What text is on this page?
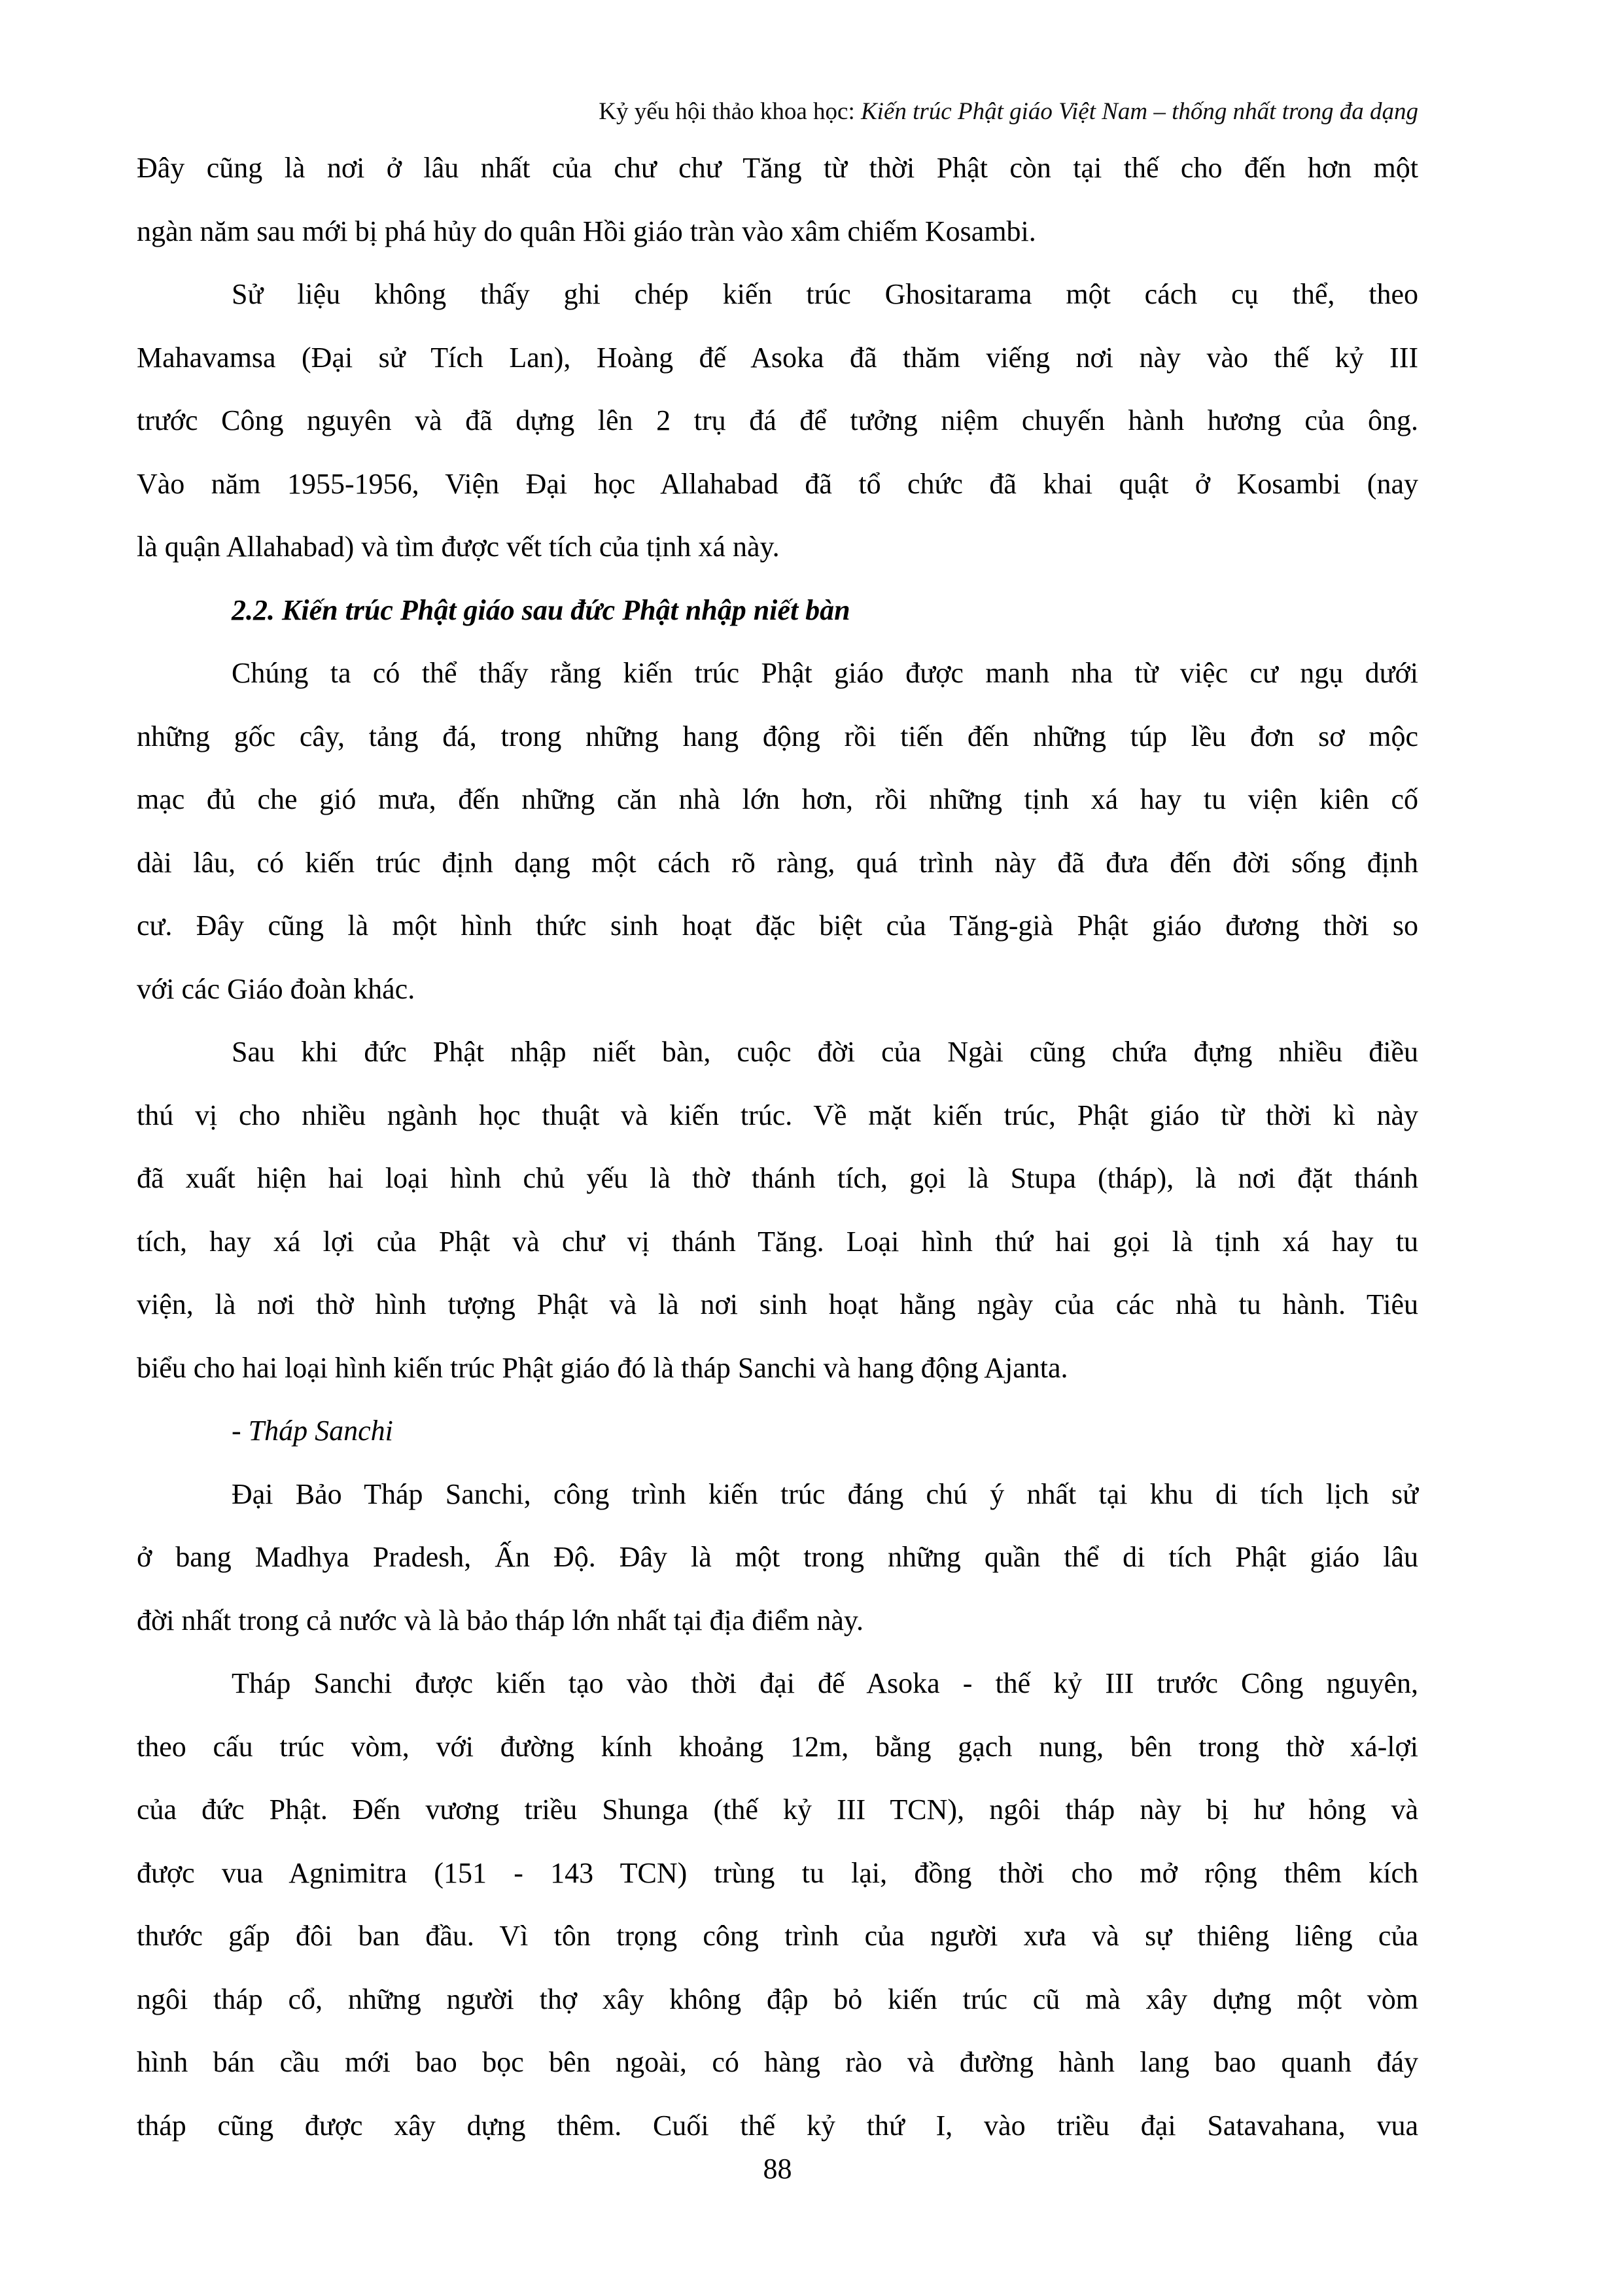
Kỷ yếu hội thảo khoa học: Kiến trúc Phật giáo Việt Nam – thống nhất trong đa dạng
Đây cũng là nơi ở lâu nhất của chư chư Tăng từ thời Phật còn tại thế cho đến hơn một
ngàn năm sau mới bị phá hủy do quân Hồi giáo tràn vào xâm chiếm Kosambi.
Sử liệu không thấy ghi chép kiến trúc Ghositarama một cách cụ thể, theo
Mahavamsa (Đại sử Tích Lan), Hoàng đế Asoka đã thăm viếng nơi này vào thế kỷ III
trước Công nguyên và đã dựng lên 2 trụ đá để tưởng niệm chuyến hành hương của ông.
Vào năm 1955-1956, Viện Đại học Allahabad đã tổ chức đã khai quật ở Kosambi (nay
là quận Allahabad) và tìm được vết tích của tịnh xá này.
2.2. Kiến trúc Phật giáo sau đức Phật nhập niết bàn
Chúng ta có thể thấy rằng kiến trúc Phật giáo được manh nha từ việc cư ngụ dưới
những gốc cây, tảng đá, trong những hang động rồi tiến đến những túp lều đơn sơ mộc
mạc đủ che gió mưa, đến những căn nhà lớn hơn, rồi những tịnh xá hay tu viện kiên cố
dài lâu, có kiến trúc định dạng một cách rõ ràng, quá trình này đã đưa đến đời sống định
cư. Đây cũng là một hình thức sinh hoạt đặc biệt của Tăng-già Phật giáo đương thời so
với các Giáo đoàn khác.
Sau khi đức Phật nhập niết bàn, cuộc đời của Ngài cũng chứa đựng nhiều điều
thú vị cho nhiều ngành học thuật và kiến trúc. Về mặt kiến trúc, Phật giáo từ thời kì này
đã xuất hiện hai loại hình chủ yếu là thờ thánh tích, gọi là Stupa (tháp), là nơi đặt thánh
tích, hay xá lợi của Phật và chư vị thánh Tăng. Loại hình thứ hai gọi là tịnh xá hay tu
viện, là nơi thờ hình tượng Phật và là nơi sinh hoạt hằng ngày của các nhà tu hành. Tiêu
biểu cho hai loại hình kiến trúc Phật giáo đó là tháp Sanchi và hang động Ajanta.
- Tháp Sanchi
Đại Bảo Tháp Sanchi, công trình kiến trúc đáng chú ý nhất tại khu di tích lịch sử
ở bang Madhya Pradesh, Ấn Độ. Đây là một trong những quần thể di tích Phật giáo lâu
đời nhất trong cả nước và là bảo tháp lớn nhất tại địa điểm này.
Tháp Sanchi được kiến tạo vào thời đại đế Asoka - thế kỷ III trước Công nguyên,
theo cấu trúc vòm, với đường kính khoảng 12m, bằng gạch nung, bên trong thờ xá-lợi
của đức Phật. Đến vương triều Shunga (thế kỷ III TCN), ngôi tháp này bị hư hỏng và
được vua Agnimitra (151 - 143 TCN) trùng tu lại, đồng thời cho mở rộng thêm kích
thước gấp đôi ban đầu. Vì tôn trọng công trình của người xưa và sự thiêng liêng của
ngôi tháp cổ, những người thợ xây không đập bỏ kiến trúc cũ mà xây dựng một vòm
hình bán cầu mới bao bọc bên ngoài, có hàng rào và đường hành lang bao quanh đáy
tháp cũng được xây dựng thêm. Cuối thế kỷ thứ I, vào triều đại Satavahana, vua
88
